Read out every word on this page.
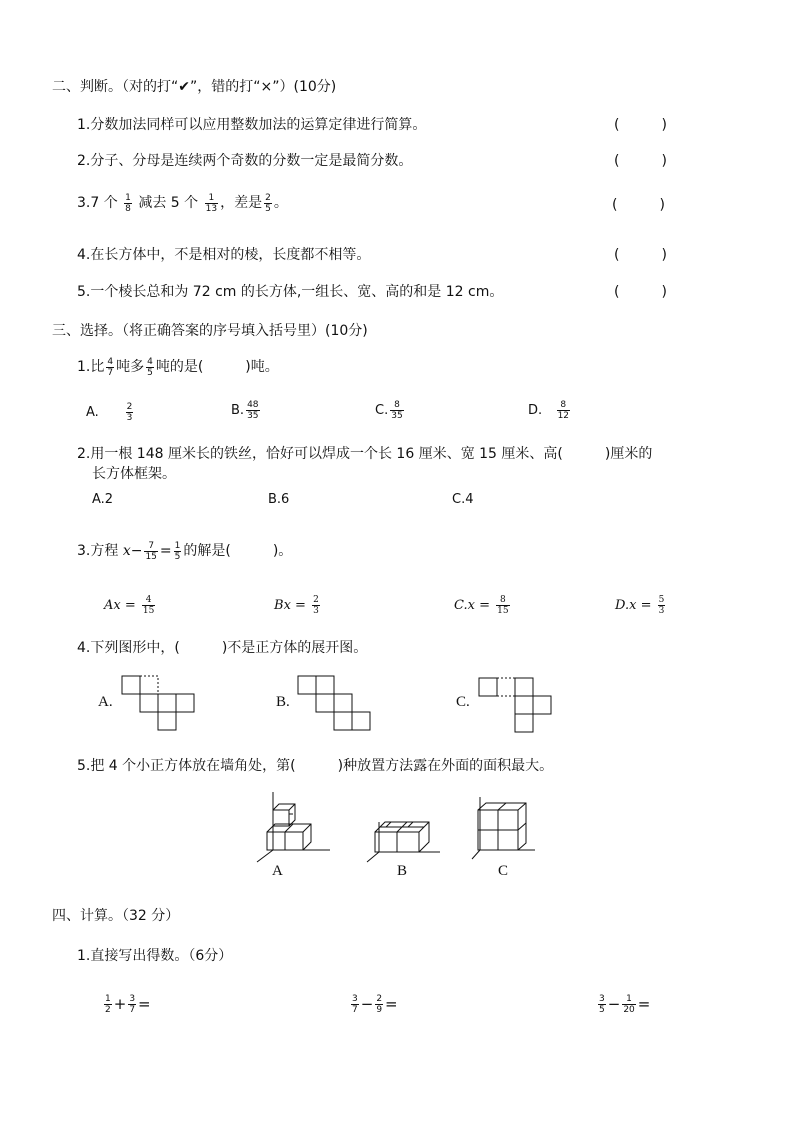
二、判断。（对的打“✔”，错的打“×”）(10分)
1.分数加法同样可以应用整数加法的运算定律进行简算。	(　　　)
2.分子、分母是连续两个奇数的分数一定是最简分数。	(　　　)
3.7 个 $\frac{1}{8}$ 减去 5 个 $\frac{1}{13}$ ，差是 $\frac{2}{5}$ 。	(　　　)
4.在长方体中，不是相对的棱，长度都不相等。	(　　　)
5.一个棱长总和为 72 cm 的长方体,一组长、宽、高的和是 12 cm。	(　　　)
三、选择。（将正确答案的序号填入括号里）(10分)
1.比 $\frac{4}{7}$ 吨多 $\frac{4}{5}$ 吨的是(　　　)吨。
A.	$\frac{2}{3}$	B. $\frac{48}{35}$	C. $\frac{8}{35}$	D. $\frac{8}{12}$
2.用一根 148 厘米长的铁丝，恰好可以焊成一个长 16 厘米、宽 15 厘米、高(　　　)厘米的
长方体框架。
A.2	B.6	C.4
3.方程 $x- \frac{7}{15} = \frac{1}{5}$ 的解是(　　　)。
$Ax = \frac{4}{15}$	$Bx = \frac{2}{3}$	$C.x = \frac{8}{15}$	$D.x = \frac{5}{3}$
4.下列图形中，(　　　)不是正方体的展开图。
A.	B.	C.
5.把 4 个小正方体放在墙角处，第(　　　)种放置方法露在外面的面积最大。
A	B	C
四、计算。（32 分）
1.直接写出得数。（6分）
$\frac{1}{2} + \frac{3}{7}$ =	$\frac{3}{7} - \frac{2}{9}$ =	$\frac{3}{5} - \frac{1}{20}$ =
